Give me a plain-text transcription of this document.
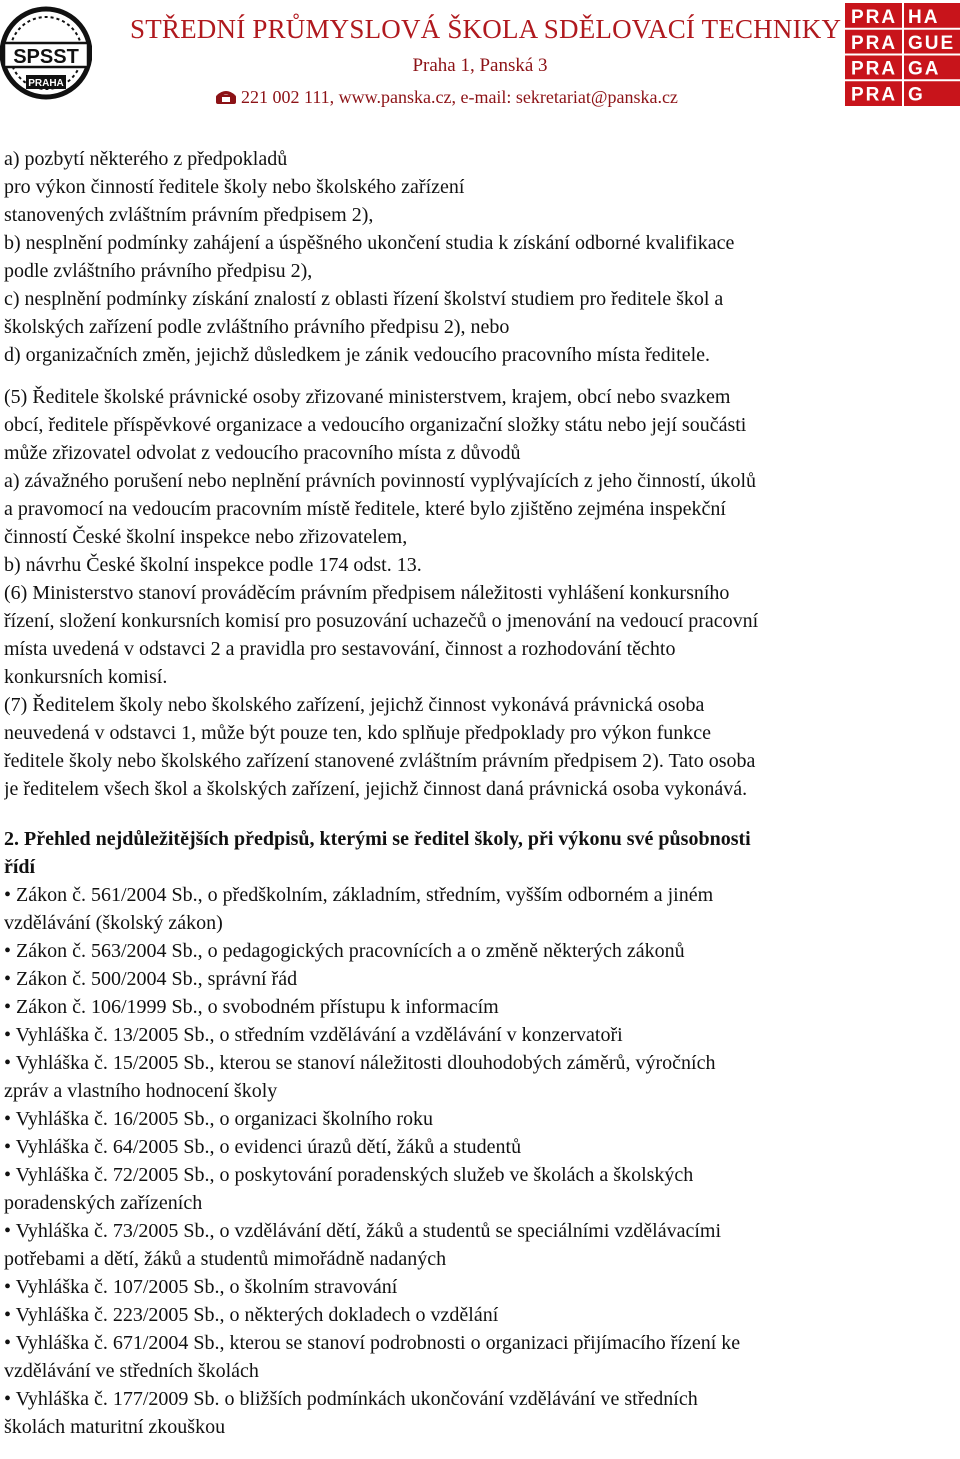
SPSST
PRAHA
STŘEDNÍ PRŮMYSLOVÁ ŠKOLA SDĚLOVACÍ TECHNIKY
Praha 1, Panská 3
221 002 111, www.panska.cz, e-mail: sekretariat@panska.cz
PRA HA
PRA GUE
PRA GA
PRA G
a) pozbytí některého z předpokladů
pro výkon činností ředitele školy nebo školského zařízení
stanovených zvláštním právním předpisem 2),
b) nesplnění podmínky zahájení a úspěšného ukončení studia k získání odborné kvalifikace
podle zvláštního právního předpisu 2),
c) nesplnění podmínky získání znalostí z oblasti řízení školství studiem pro ředitele škol a
školských zařízení podle zvláštního právního předpisu 2), nebo
d) organizačních změn, jejichž důsledkem je zánik vedoucího pracovního místa ředitele.
(5) Ředitele školské právnické osoby zřizované ministerstvem, krajem, obcí nebo svazkem
obcí, ředitele příspěvkové organizace a vedoucího organizační složky státu nebo její součásti
může zřizovatel odvolat z vedoucího pracovního místa z důvodů
a) závažného porušení nebo neplnění právních povinností vyplývajících z jeho činností, úkolů
a pravomocí na vedoucím pracovním místě ředitele, které bylo zjištěno zejména inspekční
činností České školní inspekce nebo zřizovatelem,
b) návrhu České školní inspekce podle 174 odst. 13.
(6) Ministerstvo stanoví prováděcím právním předpisem náležitosti vyhlášení konkursního
řízení, složení konkursních komisí pro posuzování uchazečů o jmenování na vedoucí pracovní
místa uvedená v odstavci 2 a pravidla pro sestavování, činnost a rozhodování těchto
konkursních komisí.
(7) Ředitelem školy nebo školského zařízení, jejichž činnost vykonává právnická osoba
neuvedená v odstavci 1, může být pouze ten, kdo splňuje předpoklady pro výkon funkce
ředitele školy nebo školského zařízení stanovené zvláštním právním předpisem 2). Tato osoba
je ředitelem všech škol a školských zařízení, jejichž činnost daná právnická osoba vykonává.
2. Přehled nejdůležitějších předpisů, kterými se ředitel školy, při výkonu své působnosti
řídí
• Zákon č. 561/2004 Sb., o předškolním, základním, středním, vyšším odborném a jiném
vzdělávání (školský zákon)
• Zákon č. 563/2004 Sb., o pedagogických pracovnících a o změně některých zákonů
• Zákon č. 500/2004 Sb., správní řád
• Zákon č. 106/1999 Sb., o svobodném přístupu k informacím
• Vyhláška č. 13/2005 Sb., o středním vzdělávání a vzdělávání v konzervatoři
• Vyhláška č. 15/2005 Sb., kterou se stanoví náležitosti dlouhodobých záměrů, výročních
zpráv a vlastního hodnocení školy
• Vyhláška č. 16/2005 Sb., o organizaci školního roku
• Vyhláška č. 64/2005 Sb., o evidenci úrazů dětí, žáků a studentů
• Vyhláška č. 72/2005 Sb., o poskytování poradenských služeb ve školách a školských
poradenských zařízeních
• Vyhláška č. 73/2005 Sb., o vzdělávání dětí, žáků a studentů se speciálními vzdělávacími
potřebami a dětí, žáků a studentů mimořádně nadaných
• Vyhláška č. 107/2005 Sb., o školním stravování
• Vyhláška č. 223/2005 Sb., o některých dokladech o vzdělání
• Vyhláška č. 671/2004 Sb., kterou se stanoví podrobnosti o organizaci přijímacího řízení ke
vzdělávání ve středních školách
• Vyhláška č. 177/2009 Sb. o bližších podmínkách ukončování vzdělávání ve středních
školách maturitní zkouškou
